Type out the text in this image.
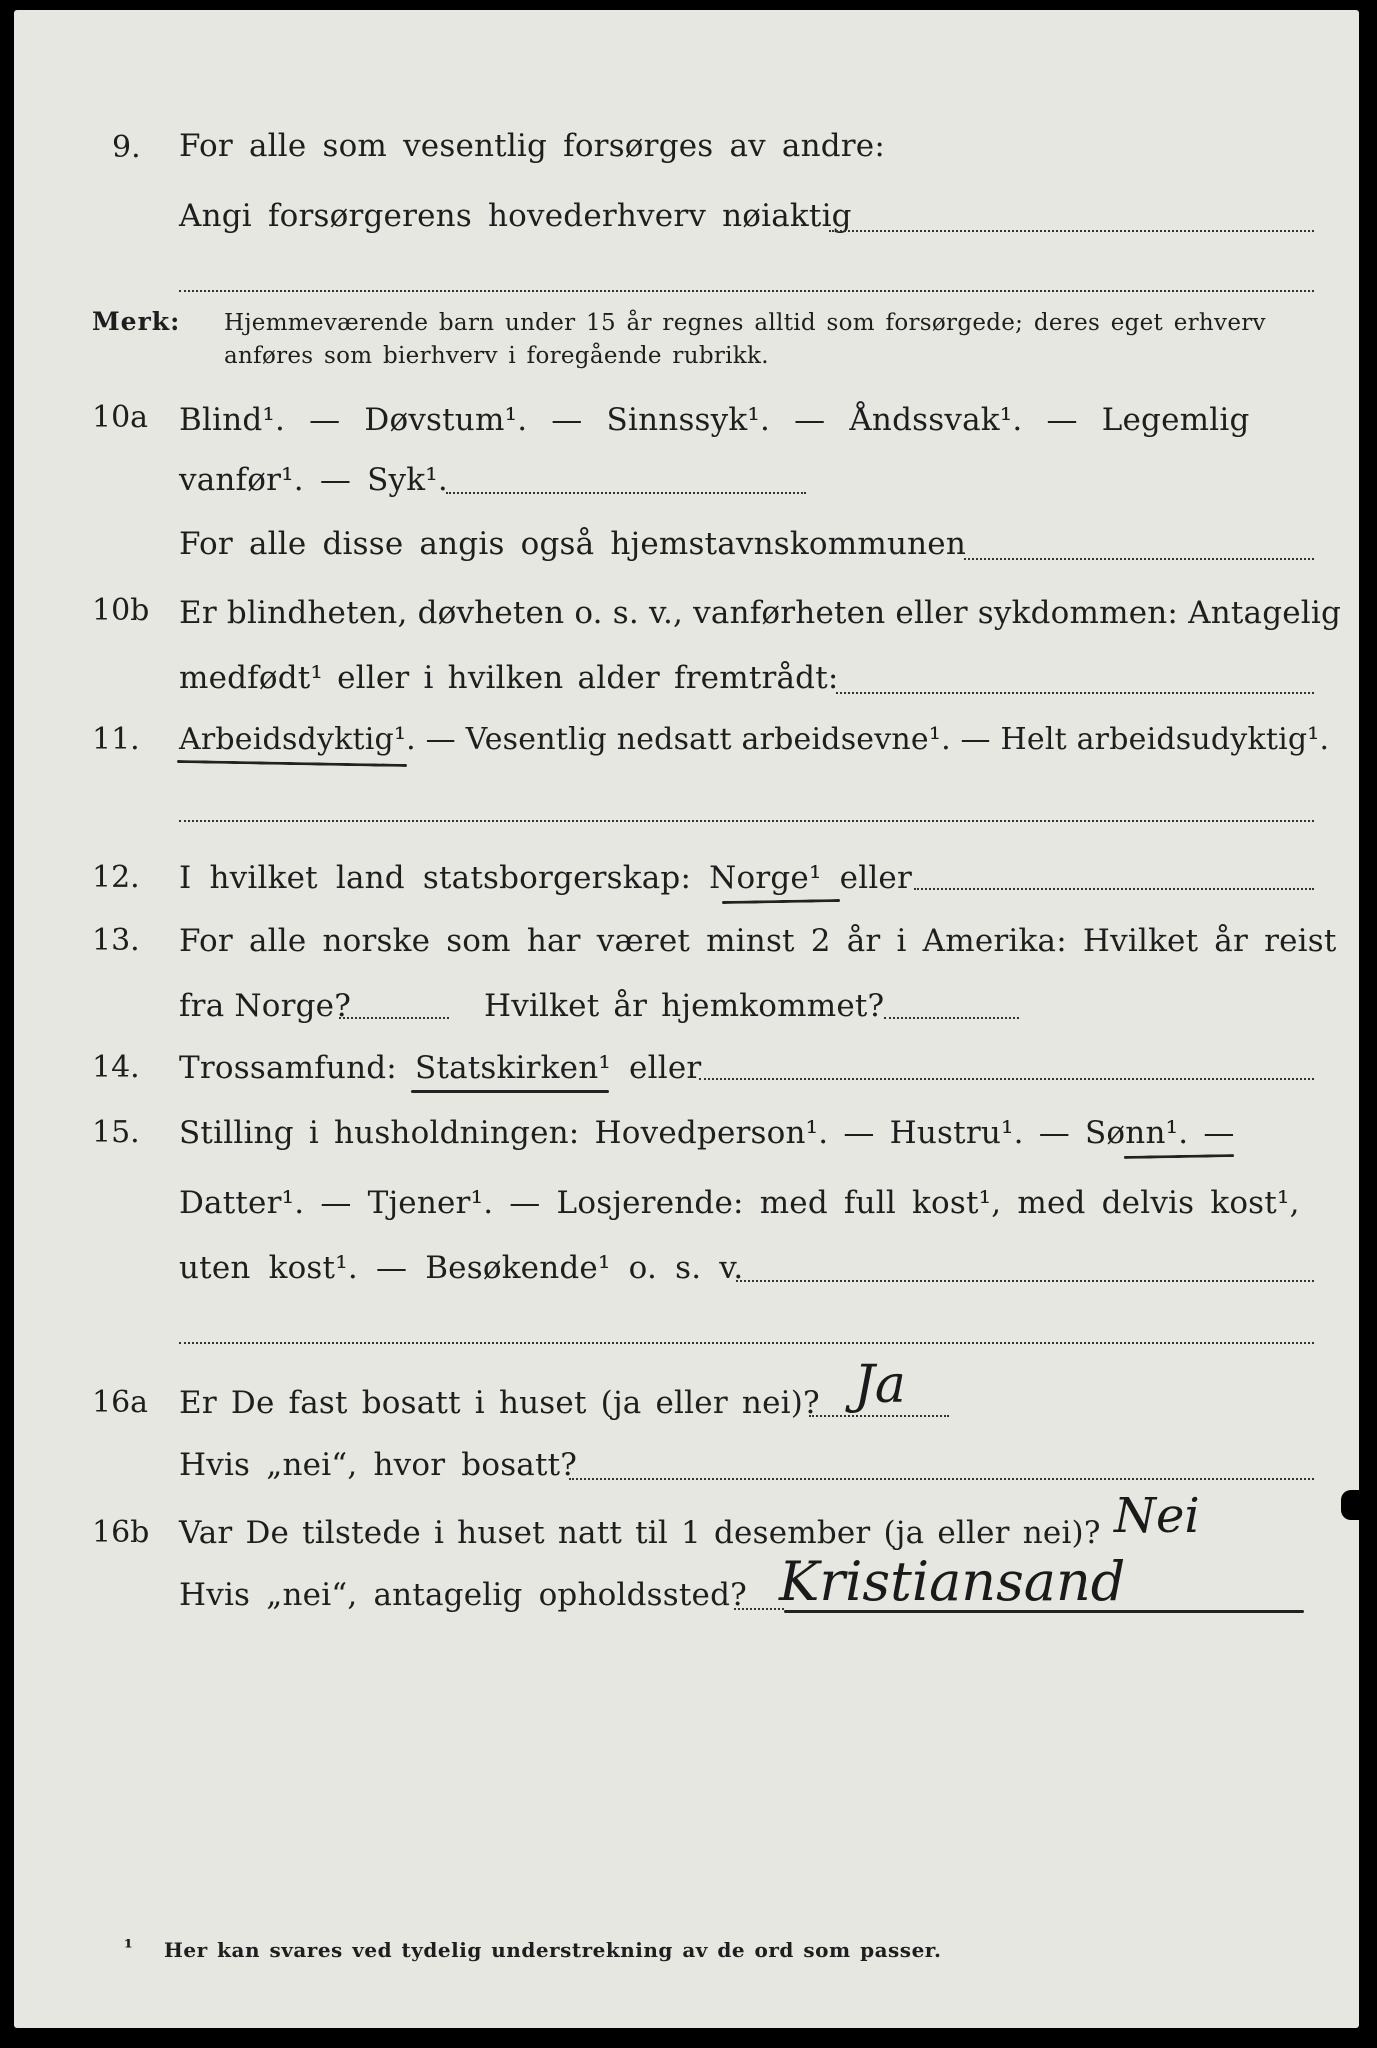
9. For alle som vesentlig forsørges av andre:
Angi forsørgerens hovederhverv nøiaktig
Merk: Hjemmeværende barn under 15 år regnes alltid som forsørgede; deres eget erhverv
anføres som bierhverv i foregående rubrikk.
10a Blind¹. — Døvstum¹. — Sinnssyk¹. — Åndssvak¹. — Legemlig
vanfør¹. — Syk¹.
For alle disse angis også hjemstavnskommunen
10b Er blindheten, døvheten o. s. v., vanførheten eller sykdommen: Antagelig
medfødt¹ eller i hvilken alder fremtrådt:
11. Arbeidsdyktig¹. — Vesentlig nedsatt arbeidsevne¹. — Helt arbeidsudyktig¹.
12. I hvilket land statsborgerskap: Norge¹ eller
13. For alle norske som har været minst 2 år i Amerika: Hvilket år reist
fra Norge?	Hvilket år hjemkommet?
14. Trossamfund: Statskirken¹ eller
15. Stilling i husholdningen: Hovedperson¹. — Hustru¹. — Sønn¹. —
Datter¹. — Tjener¹. — Losjerende: med full kost¹, med delvis kost¹,
uten kost¹. — Besøkende¹ o. s. v.
16a Er De fast bosatt i huset (ja eller nei)? Ja
Hvis „nei“, hvor bosatt?
16b Var De tilstede i huset natt til 1 desember (ja eller nei)? Nei
Hvis „nei“, antagelig opholdssted? Kristiansand
¹ Her kan svares ved tydelig understrekning av de ord som passer.
